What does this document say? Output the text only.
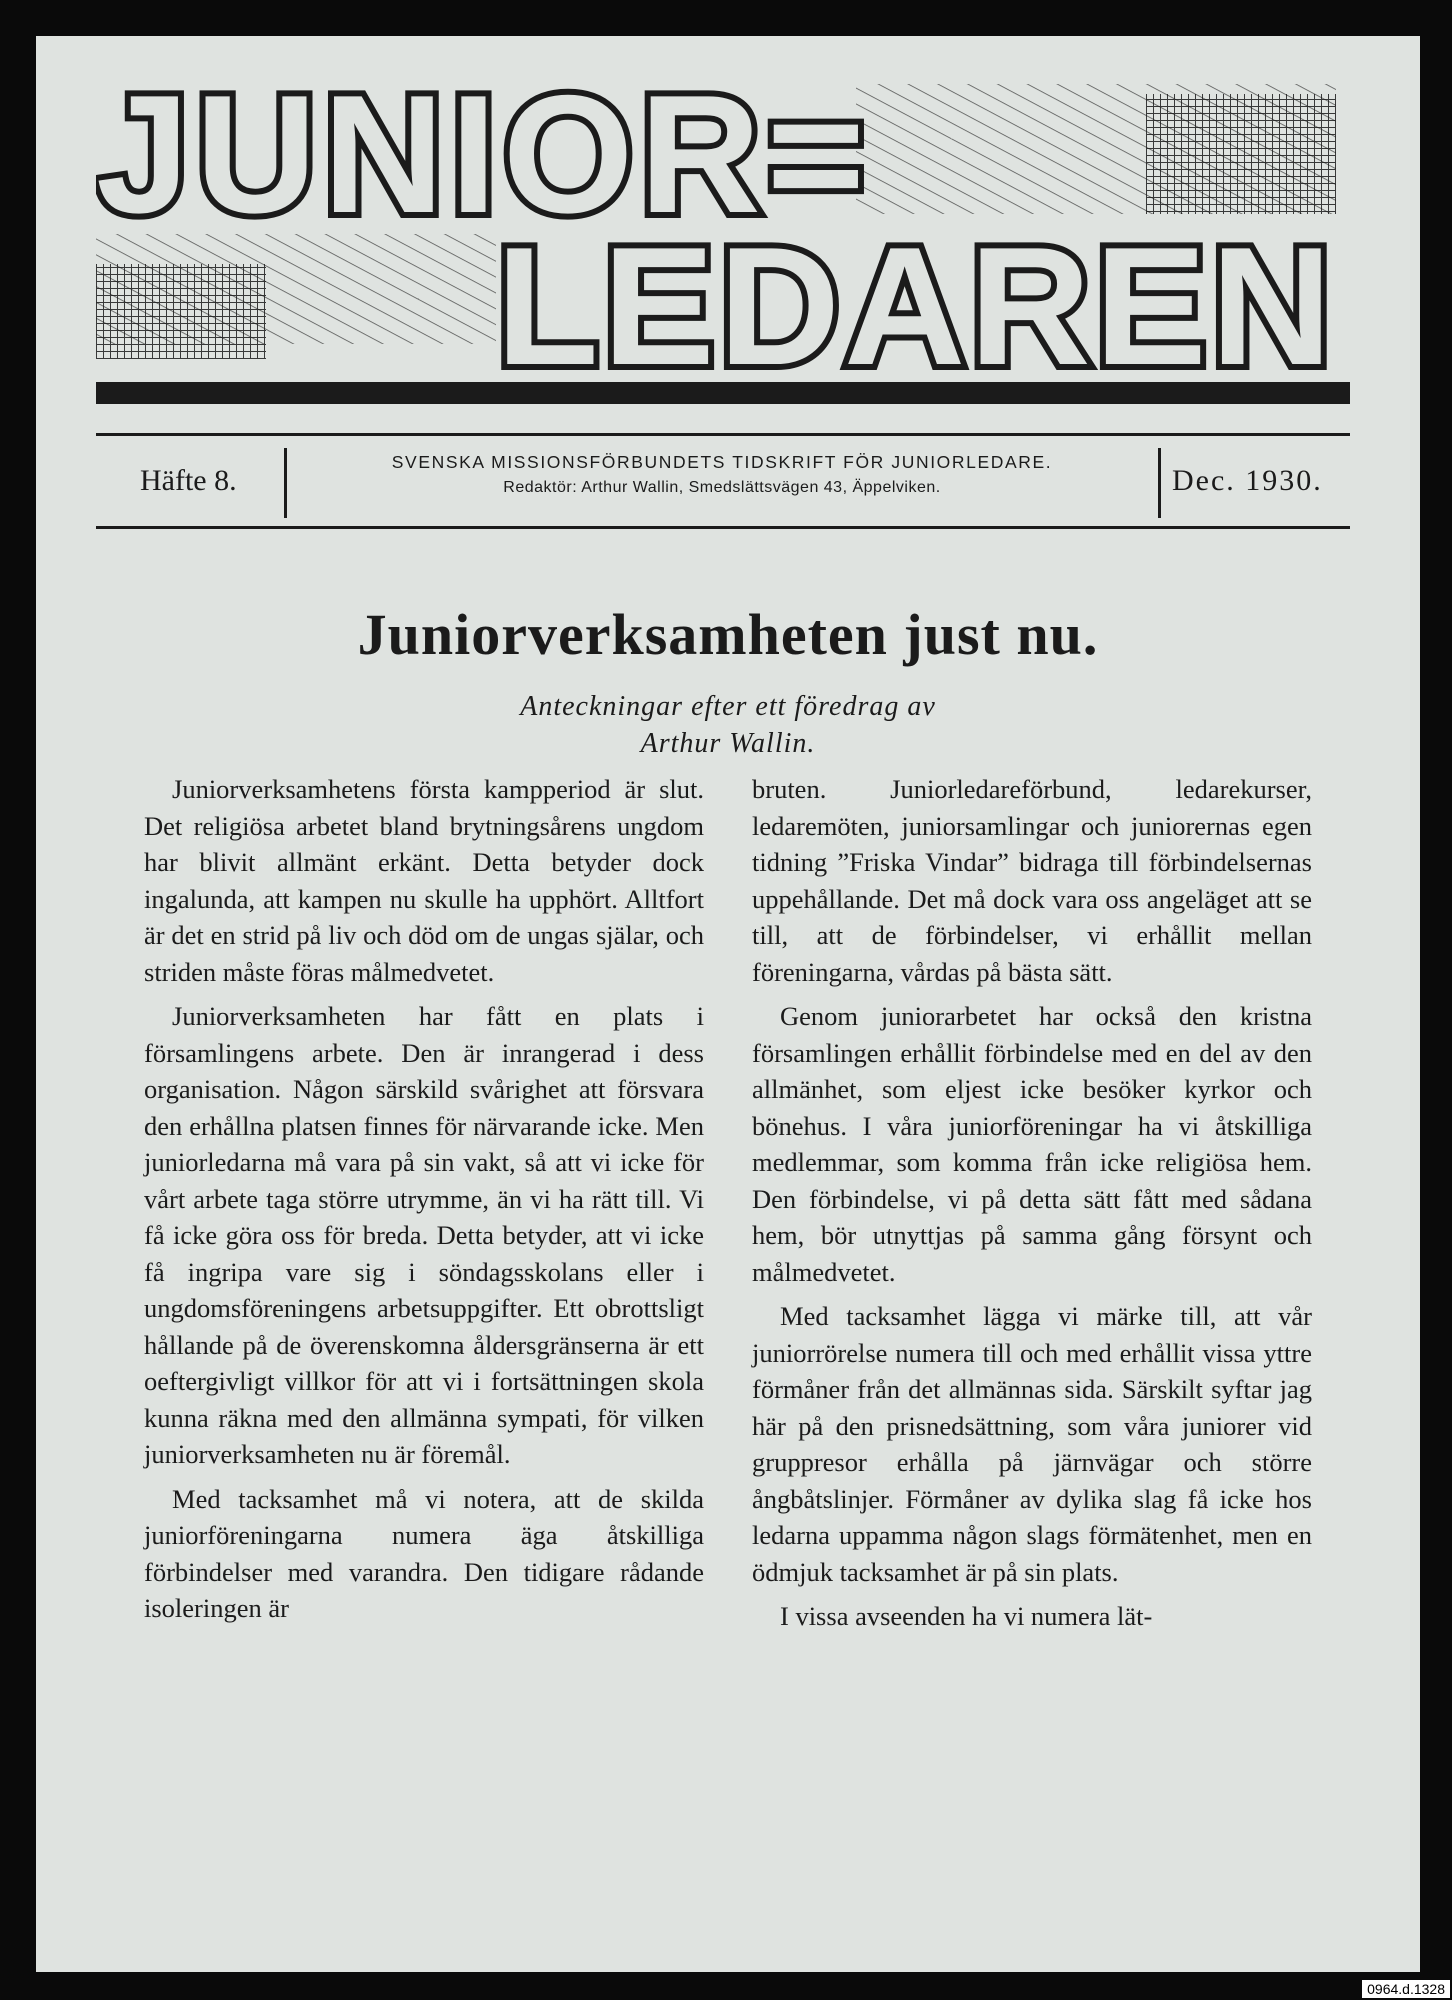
JUNIOR=
LEDAREN
Häfte 8.
SVENSKA MISSIONSFÖRBUNDETS TIDSKRIFT FÖR JUNIORLEDARE.
Redaktör: Arthur Wallin, Smedslättsvägen 43, Äppelviken.	Dec. 1930.
Juniorverksamheten just nu.
Anteckningar efter ett föredrag av
Arthur Wallin.

Juniorverksamhetens första kampperiod är slut. Det religiösa arbetet bland brytningsårens ungdom har blivit allmänt erkänt. Detta betyder dock ingalunda, att kampen nu skulle ha upphört. Alltfort är det en strid på liv och död om de ungas själar, och striden måste föras målmedvetet.

Juniorverksamheten har fått en plats i församlingens arbete. Den är inrangerad i dess organisation. Någon särskild svårighet att försvara den erhållna platsen finnes för närvarande icke. Men juniorledarna må vara på sin vakt, så att vi icke för vårt arbete taga större utrymme, än vi ha rätt till. Vi få icke göra oss för breda. Detta betyder, att vi icke få ingripa vare sig i söndagsskolans eller i ungdomsföreningens arbetsuppgifter. Ett obrottsligt hållande på de överenskomna åldersgränserna är ett oeftergivligt villkor för att vi i fortsättningen skola kunna räkna med den allmänna sympati, för vilken juniorverksamheten nu är föremål.

Med tacksamhet må vi notera, att de skilda juniorföreningarna numera äga åtskilliga förbindelser med varandra. Den tidigare rådande isoleringen är

bruten. Juniorledareförbund, ledarekurser, ledaremöten, juniorsamlingar och juniorernas egen tidning ”Friska Vindar” bidraga till förbindelsernas uppehållande. Det må dock vara oss angeläget att se till, att de förbindelser, vi erhållit mellan föreningarna, vårdas på bästa sätt.

Genom juniorarbetet har också den kristna församlingen erhållit förbindelse med en del av den allmänhet, som eljest icke besöker kyrkor och bönehus. I våra juniorföreningar ha vi åtskilliga medlemmar, som komma från icke religiösa hem. Den förbindelse, vi på detta sätt fått med sådana hem, bör utnyttjas på samma gång försynt och målmedvetet.

Med tacksamhet lägga vi märke till, att vår juniorrörelse numera till och med erhållit vissa yttre förmåner från det allmännas sida. Särskilt syftar jag här på den prisnedsättning, som våra juniorer vid gruppresor erhålla på järnvägar och större ångbåtslinjer. Förmåner av dylika slag få icke hos ledarna uppamma någon slags förmätenhet, men en ödmjuk tacksamhet är på sin plats.

I vissa avseenden ha vi numera lät-

0964.d.1328
